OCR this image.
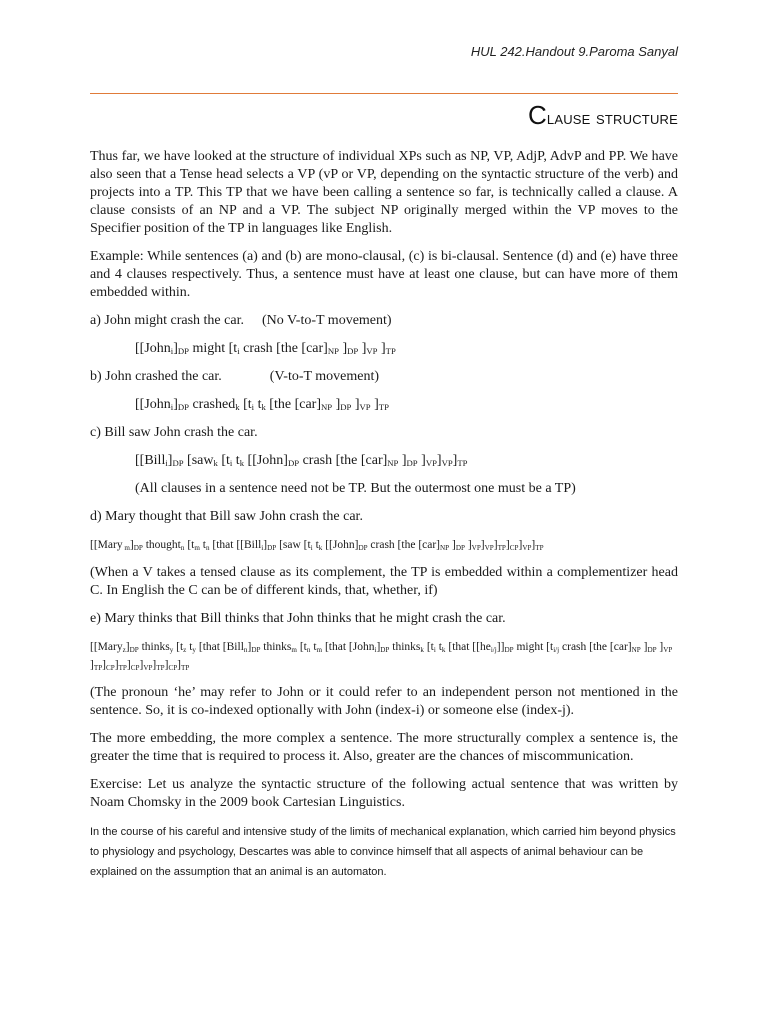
HUL 242.Handout 9.Paroma Sanyal
Clause structure

Thus far, we have looked at the structure of individual XPs such as NP, VP, AdjP, AdvP and PP. We have also seen that a Tense head selects a VP (vP or VP, depending on the syntactic structure of the verb) and projects into a TP. This TP that we have been calling a sentence so far, is technically called a clause. A clause consists of an NP and a VP. The subject NP originally merged within the VP moves to the Specifier position of the TP in languages like English.

Example: While sentences (a) and (b) are mono-clausal, (c) is bi-clausal. Sentence (d) and (e) have three and 4 clauses respectively. Thus, a sentence must have at least one clause, but can have more of them embedded within.

a) John might crash the car. (No V-to-T movement)

[$[John_i]_{DP}$ might [$t_i$ crash [the $[car]_{NP}$ ]$_{DP}$ ]$_{VP}$ ]$_{TP}$

b) John crashed the car.	(V-to-T movement)

[$[John_i]_{DP}$ crashed$_k$ [$t_i$ $t_k$ [the $[car]_{NP}$ ]$_{DP}$ ]$_{VP}$ ]$_{TP}$

c) Bill saw John crash the car.

[$[Bill_i]_{DP}$ [saw$_k$ [$t_i$ $t_k$ [$[John]_{DP}$ crash [the $[car]_{NP}$ ]$_{DP}$ ]$_{VP}]_{VP}]_{TP}$

(All clauses in a sentence need not be TP. But the outermost one must be a TP)

d) Mary thought that Bill saw John crash the car.

[[Mary $_m]_{DP}$ thought$_n$ [$t_m$ $t_n$ [that [$[Bill_i]_{DP}$ [saw [$t_i$ $t_k$ [$[John]_{DP}$ crash [the $[car]_{NP}$ ]$_{DP}$ ]$_{VP}]_{VP}]_{TP}]_{CP}]_{VP}]_{TP}$

(When a V takes a tensed clause as its complement, the TP is embedded within a complementizer head C. In English the C can be of different kinds, that, whether, if)

e) Mary thinks that Bill thinks that John thinks that he might crash the car.

[$[Mary_z]_{DP}$ thinks$_y$ [$t_z$ $t_y$ [that $[Bill_n]_{DP}$ thinks$_m$ [$t_n$ $t_m$ [that $[John_i]_{DP}$ thinks$_k$ [$t_i$ $t_k$ [that $[[he_{i/j}]]_{DP}$ might [$t_{i/j}$ crash [the $[car]_{NP}$ ]$_{DP}$ ]$_{VP}$ ]$_{TP}]_{CP}]_{TP}]_{CP}]_{VP}]_{TP}]_{CP}]_{TP}$

(The pronoun ‘he’ may refer to John or it could refer to an independent person not mentioned in the sentence. So, it is co-indexed optionally with John (index-i) or someone else (index-j).

The more embedding, the more complex a sentence. The more structurally complex a sentence is, the greater the time that is required to process it. Also, greater are the chances of miscommunication.

Exercise: Let us analyze the syntactic structure of the following actual sentence that was written by Noam Chomsky in the 2009 book Cartesian Linguistics.

In the course of his careful and intensive study of the limits of mechanical explanation, which carried him beyond physics to physiology and psychology, Descartes was able to convince himself that all aspects of animal behaviour can be explained on the assumption that an animal is an automaton.
